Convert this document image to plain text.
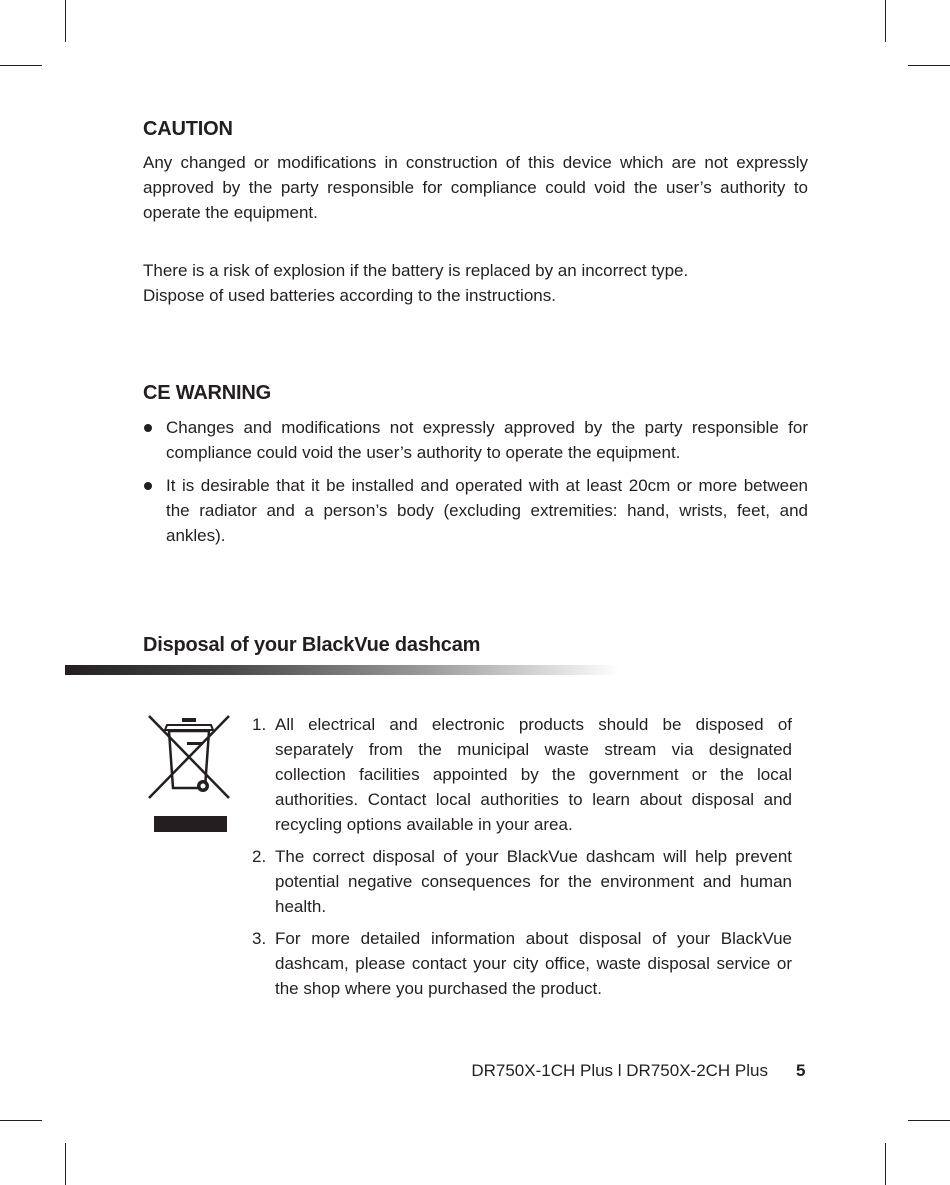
CAUTION

Any changed or modifications in construction of this device which are not expressly approved by the party responsible for compliance could void the user’s authority to operate the equipment.

There is a risk of explosion if the battery is replaced by an incorrect type.
Dispose of used batteries according to the instructions.

CE WARNING
Changes and modifications not expressly approved by the party responsible for compliance could void the user’s authority to operate the equipment.
It is desirable that it be installed and operated with at least 20cm or more between the radiator and a person’s body (excluding extremities: hand, wrists, feet, and ankles).
Disposal of your BlackVue dashcam
1. All electrical and electronic products should be disposed of separately from the municipal waste stream via designated collection facilities appointed by the government or the local authorities. Contact local authorities to learn about disposal and recycling options available in your area.
2. The correct disposal of your BlackVue dashcam will help prevent potential negative consequences for the environment and human health.
3. For more detailed information about disposal of your BlackVue dashcam, please contact your city office, waste disposal service or the shop where you purchased the product.
DR750X-1CH Plus l DR750X-2CH Plus 5
